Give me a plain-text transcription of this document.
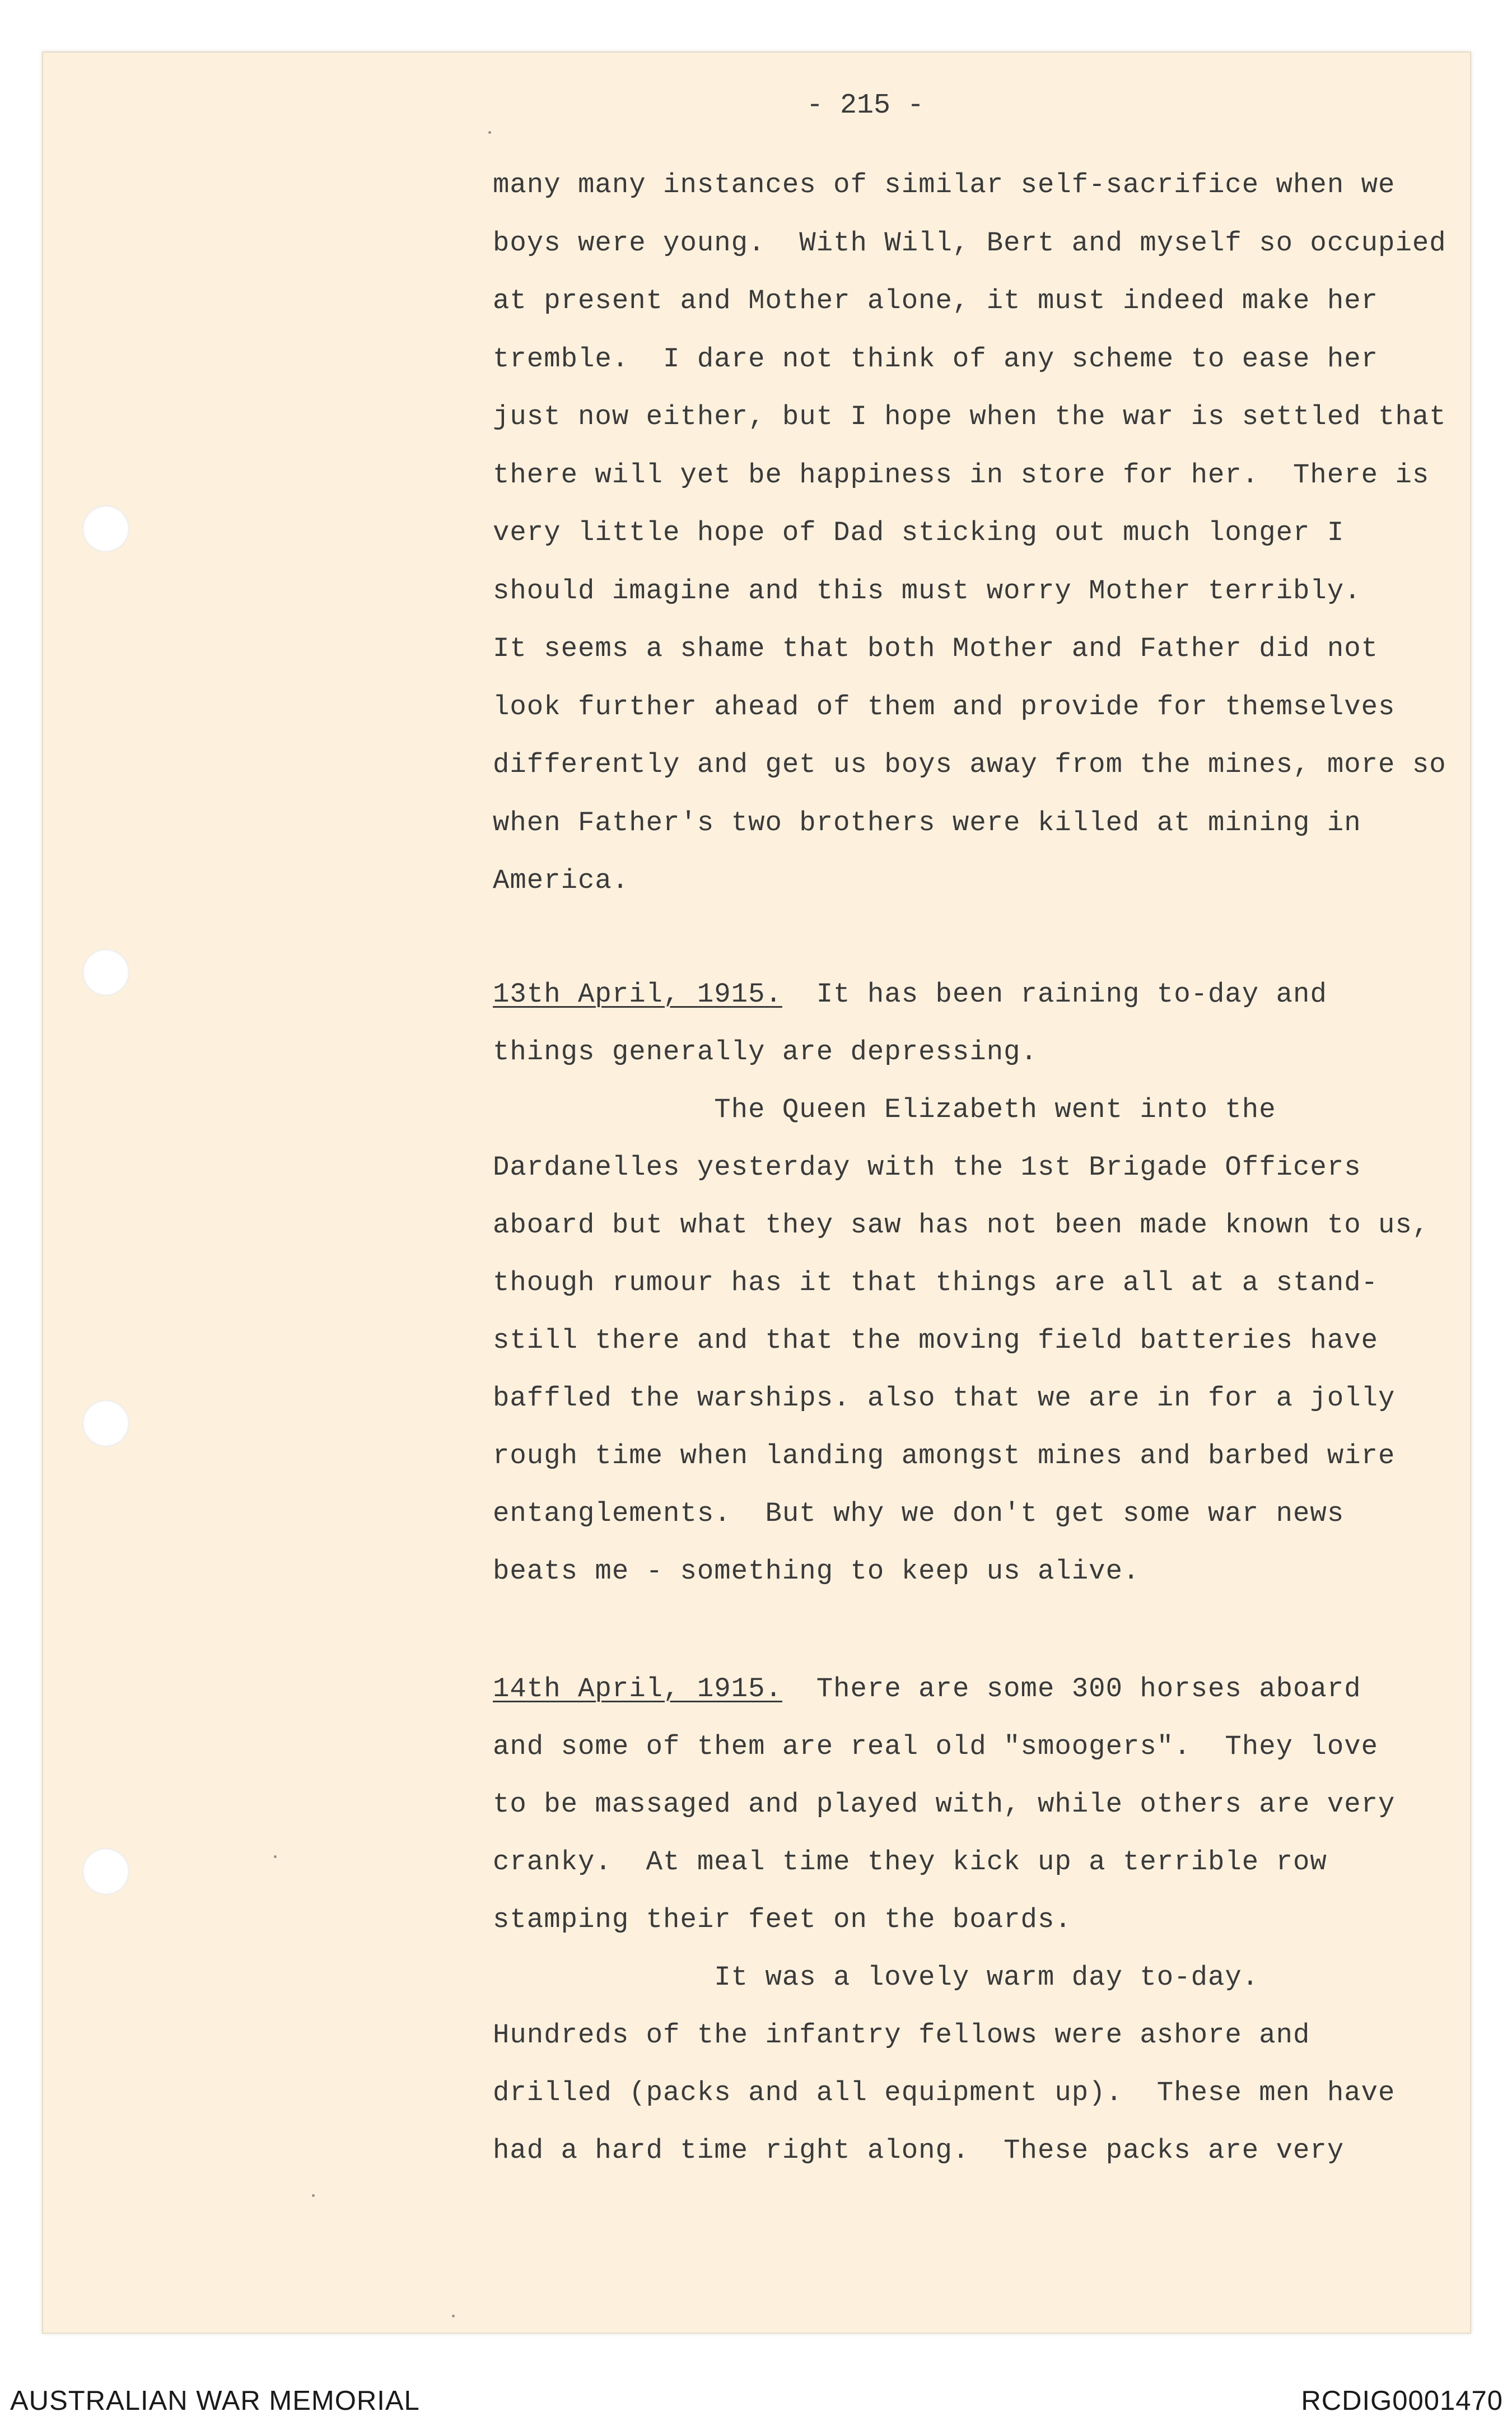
- 215 -
many many instances of similar self-sacrifice when we
boys were young.  With Will, Bert and myself so occupied
at present and Mother alone, it must indeed make her
tremble.  I dare not think of any scheme to ease her
just now either, but I hope when the war is settled that
there will yet be happiness in store for her.  There is
very little hope of Dad sticking out much longer I
should imagine and this must worry Mother terribly.
It seems a shame that both Mother and Father did not
look further ahead of them and provide for themselves
differently and get us boys away from the mines, more so
when Father's two brothers were killed at mining in
America.

13th April, 1915.  It has been raining to-day and

things generally are depressing.
The Queen Elizabeth went into the
Dardanelles yesterday with the 1st Brigade Officers
aboard but what they saw has not been made known to us,
though rumour has it that things are all at a stand-
still there and that the moving field batteries have
baffled the warships. also that we are in for a jolly
rough time when landing amongst mines and barbed wire
entanglements.  But why we don't get some war news
beats me - something to keep us alive.

14th April, 1915.  There are some 300 horses aboard

and some of them are real old "smoogers".  They love
to be massaged and played with, while others are very
cranky.  At meal time they kick up a terrible row
stamping their feet on the boards.
It was a lovely warm day to-day.
Hundreds of the infantry fellows were ashore and
drilled (packs and all equipment up).  These men have
had a hard time right along.  These packs are very

AUSTRALIAN WAR MEMORIAL	RCDIG0001470
